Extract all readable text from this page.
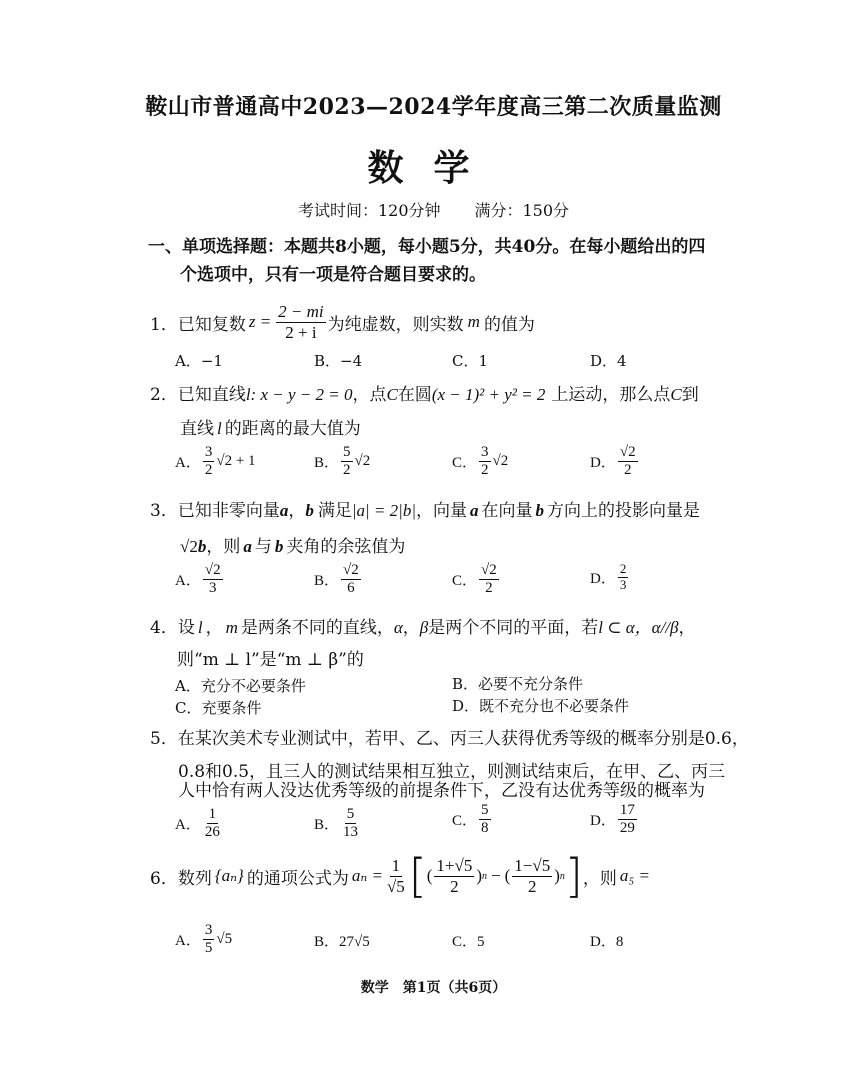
鞍山市普通高中2023—2024学年度高三第二次质量监测
数学
考试时间：120分钟 满分：150分
一、单项选择题：本题共8小题，每小题5分，共40分。在每小题给出的四
个选项中，只有一项是符合题目要求的。
1． 已知复数 $z = \frac{2 - mi}{2 + i}$ 为纯虚数，则实数 m 的值为
A．−1	B．−4	C．1	D．4
2．已知直线l: x − y − 2 = 0，点C在圆(x − 1)² + y² = 2 上运动，那么点C到
直线 l 的距离的最大值为
A． $\frac{3}{2} √2 + 1$	B． $\frac{5}{2} √2$	C． $\frac{3}{2} √2$	D． $\frac{√2}{2}$
3．已知非零向量a，b 满足|a| = 2|b|，向量 a 在向量 b 方向上的投影向量是
√2b，则 a 与 b 夹角的余弦值为
A． $\frac{√2}{3}$	B． $\frac{√2}{6}$	C． $\frac{√2}{2}$	D． $\frac{2}{3}$
4．设 l ， m 是两条不同的直线，α，β是两个不同的平面，若l ⊂ α，α//β，
则“m ⊥ l”是“m ⊥ β”的
A．充分不必要条件	B．必要不充分条件
C．充要条件	D．既不充分也不必要条件
5．在某次美术专业测试中，若甲、乙、丙三人获得优秀等级的概率分别是0.6，
0.8和0.5，且三人的测试结果相互独立，则测试结束后，在甲、乙、丙三
人中恰有两人没达优秀等级的前提条件下，乙没有达优秀等级的概率为
A． $\frac{1}{26}$	B． $\frac{5}{13}$	C． $\frac{5}{8}$	D． $\frac{17}{29}$
6． 数列 {aₙ} 的通项公式为 $a_n = \frac{1}{√5}$ [ ( $\frac{1+√5}{2}$ ) n − ( $\frac{1-√5}{2}$ ) n ] ，则 a₅ =
A． $\frac{3}{5} √5$	B．27√5	C．5	D．8
数学　第1页（共6页）
